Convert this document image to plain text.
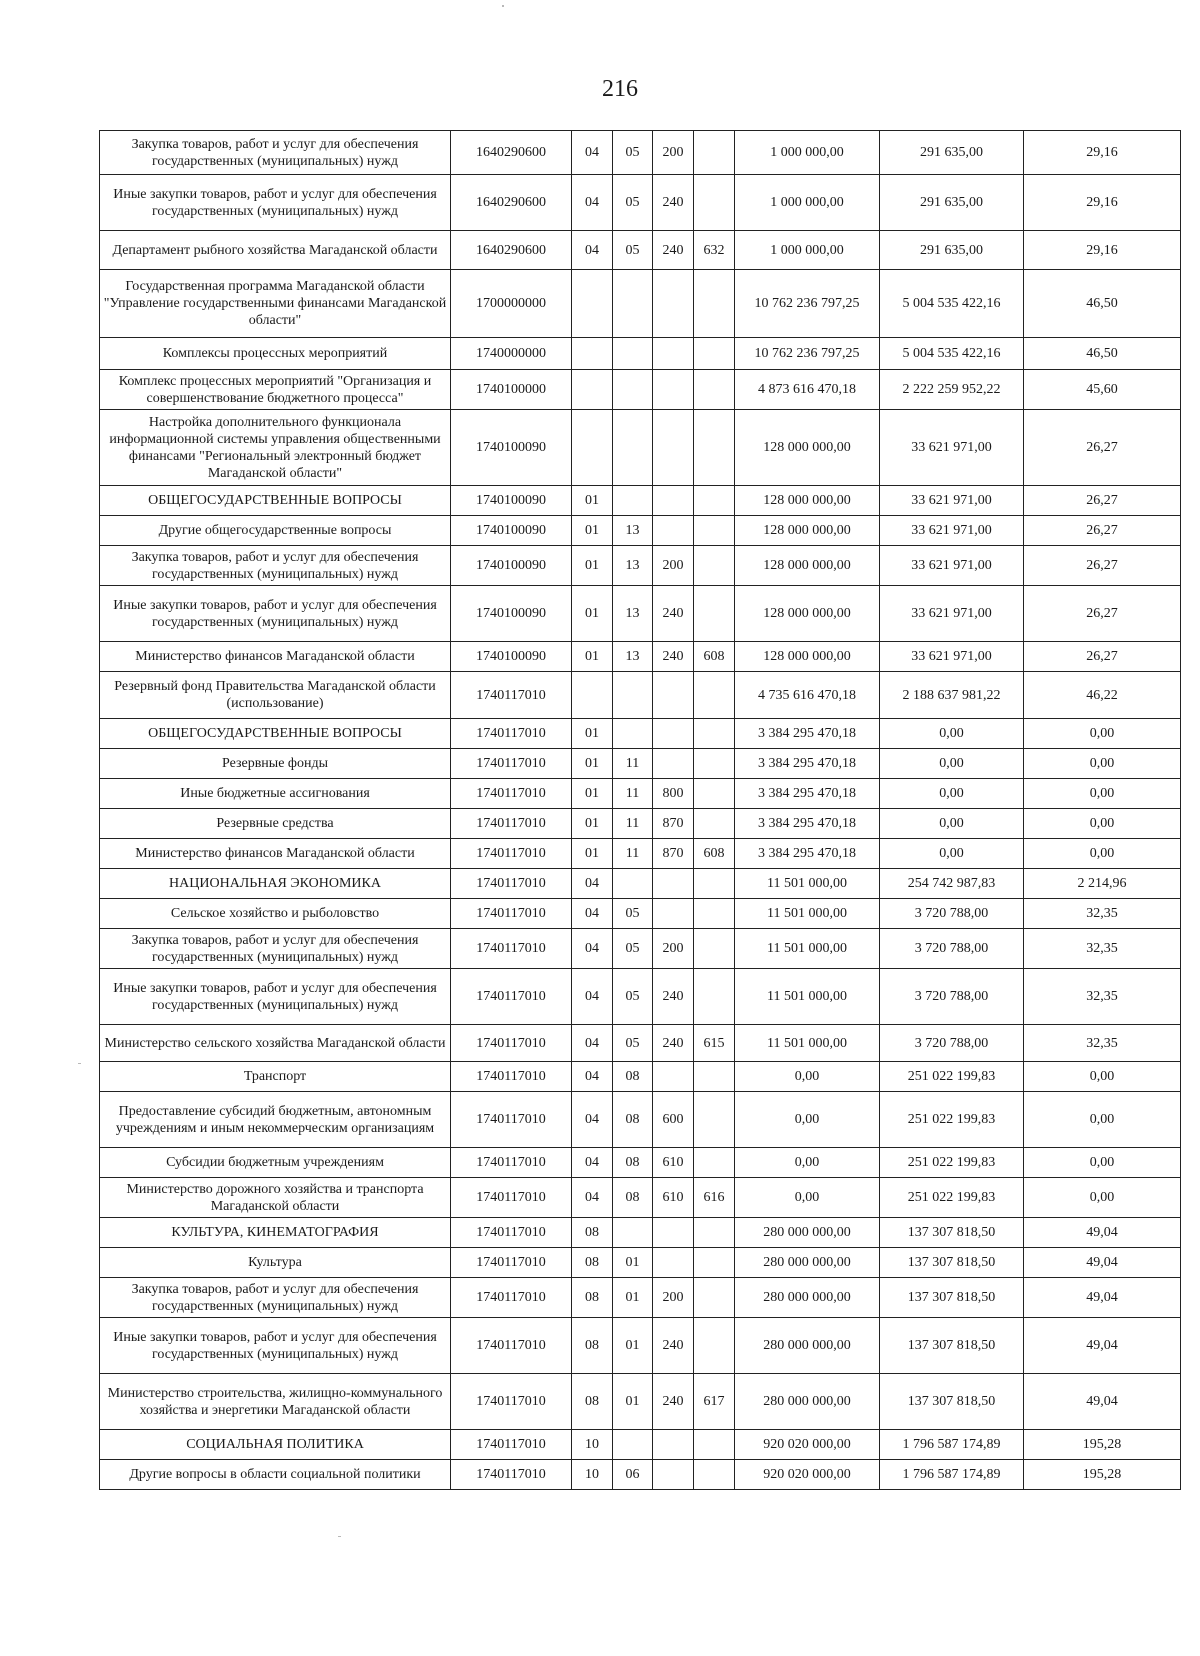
216
Закупка товаров, работ и услуг для обеспечения государственных (муниципальных) нужд	1640290600	04	05	200		1 000 000,00	291 635,00	29,16
Иные закупки товаров, работ и услуг для обеспечения государственных (муниципальных) нужд	1640290600	04	05	240		1 000 000,00	291 635,00	29,16
Департамент рыбного хозяйства Магаданской области	1640290600	04	05	240	632	1 000 000,00	291 635,00	29,16
Государственная программа Магаданской области "Управление государственными финансами Магаданской области"	1700000000					10 762 236 797,25	5 004 535 422,16	46,50
Комплексы процессных мероприятий	1740000000					10 762 236 797,25	5 004 535 422,16	46,50
Комплекс процессных мероприятий "Организация и совершенствование бюджетного процесса"	1740100000					4 873 616 470,18	2 222 259 952,22	45,60
Настройка дополнительного функционала информационной системы управления общественными финансами "Региональный электронный бюджет Магаданской области"	1740100090					128 000 000,00	33 621 971,00	26,27
ОБЩЕГОСУДАРСТВЕННЫЕ ВОПРОСЫ	1740100090	01				128 000 000,00	33 621 971,00	26,27
Другие общегосударственные вопросы	1740100090	01	13			128 000 000,00	33 621 971,00	26,27
Закупка товаров, работ и услуг для обеспечения государственных (муниципальных) нужд	1740100090	01	13	200		128 000 000,00	33 621 971,00	26,27
Иные закупки товаров, работ и услуг для обеспечения государственных (муниципальных) нужд	1740100090	01	13	240		128 000 000,00	33 621 971,00	26,27
Министерство финансов Магаданской области	1740100090	01	13	240	608	128 000 000,00	33 621 971,00	26,27
Резервный фонд Правительства Магаданской области (использование)	1740117010					4 735 616 470,18	2 188 637 981,22	46,22
ОБЩЕГОСУДАРСТВЕННЫЕ ВОПРОСЫ	1740117010	01				3 384 295 470,18	0,00	0,00
Резервные фонды	1740117010	01	11			3 384 295 470,18	0,00	0,00
Иные бюджетные ассигнования	1740117010	01	11	800		3 384 295 470,18	0,00	0,00
Резервные средства	1740117010	01	11	870		3 384 295 470,18	0,00	0,00
Министерство финансов Магаданской области	1740117010	01	11	870	608	3 384 295 470,18	0,00	0,00
НАЦИОНАЛЬНАЯ ЭКОНОМИКА	1740117010	04				11 501 000,00	254 742 987,83	2 214,96
Сельское хозяйство и рыболовство	1740117010	04	05			11 501 000,00	3 720 788,00	32,35
Закупка товаров, работ и услуг для обеспечения государственных (муниципальных) нужд	1740117010	04	05	200		11 501 000,00	3 720 788,00	32,35
Иные закупки товаров, работ и услуг для обеспечения государственных (муниципальных) нужд	1740117010	04	05	240		11 501 000,00	3 720 788,00	32,35
Министерство сельского хозяйства Магаданской области	1740117010	04	05	240	615	11 501 000,00	3 720 788,00	32,35
Транспорт	1740117010	04	08			0,00	251 022 199,83	0,00
Предоставление субсидий бюджетным, автономным учреждениям и иным некоммерческим организациям	1740117010	04	08	600		0,00	251 022 199,83	0,00
Субсидии бюджетным учреждениям	1740117010	04	08	610		0,00	251 022 199,83	0,00
Министерство дорожного хозяйства и транспорта Магаданской области	1740117010	04	08	610	616	0,00	251 022 199,83	0,00
КУЛЬТУРА, КИНЕМАТОГРАФИЯ	1740117010	08				280 000 000,00	137 307 818,50	49,04
Культура	1740117010	08	01			280 000 000,00	137 307 818,50	49,04
Закупка товаров, работ и услуг для обеспечения государственных (муниципальных) нужд	1740117010	08	01	200		280 000 000,00	137 307 818,50	49,04
Иные закупки товаров, работ и услуг для обеспечения государственных (муниципальных) нужд	1740117010	08	01	240		280 000 000,00	137 307 818,50	49,04
Министерство строительства, жилищно-коммунального хозяйства и энергетики Магаданской области	1740117010	08	01	240	617	280 000 000,00	137 307 818,50	49,04
СОЦИАЛЬНАЯ ПОЛИТИКА	1740117010	10				920 020 000,00	1 796 587 174,89	195,28
Другие вопросы в области социальной политики	1740117010	10	06			920 020 000,00	1 796 587 174,89	195,28
